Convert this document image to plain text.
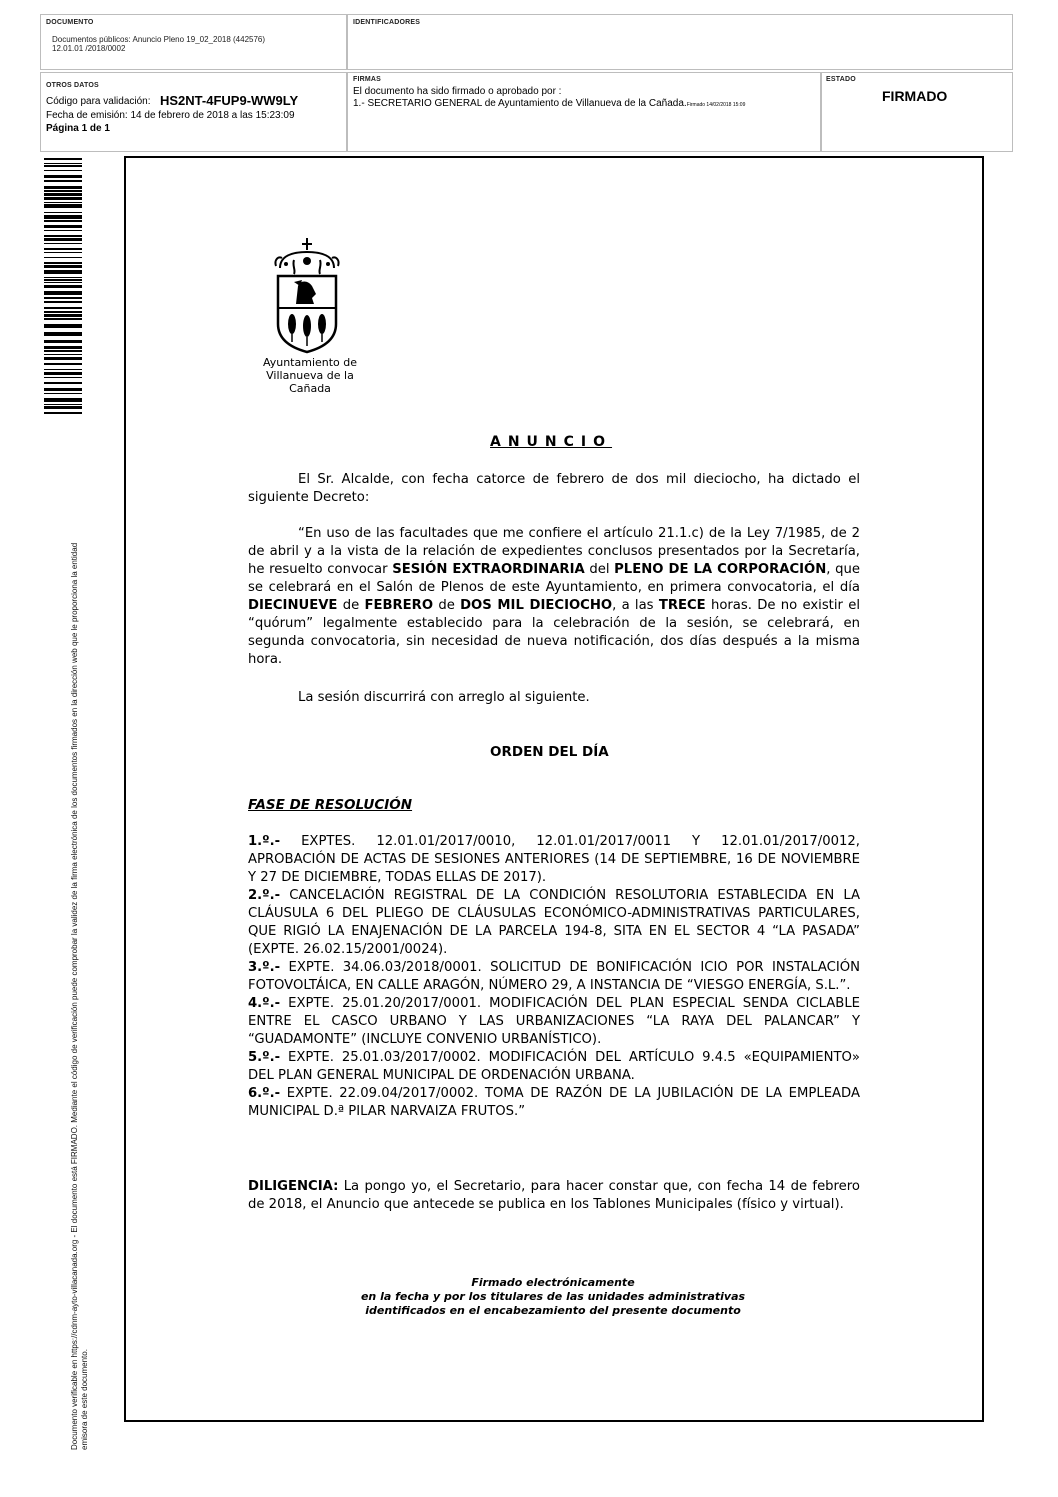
DOCUMENTO
Documentos públicos: Anuncio Pleno 19_02_2018 (442576) 12.01.01 /2018/0002
IDENTIFICADORES
OTROS DATOS
Código para validación: HS2NT-4FUP9-WW9LY
Fecha de emisión: 14 de febrero de 2018 a las 15:23:09
Página 1 de 1
FIRMAS
El documento ha sido firmado o aprobado por :
1.- SECRETARIO GENERAL de Ayuntamiento de Villanueva de la Cañada.Firmado 14/02/2018 15:09
ESTADO
FIRMADO
Documento verificable en https://cdnm-ayto-villacanada.org - El documento está FIRMADO. Mediante el código de verificación puede comprobar la validez de la firma electrónica de los documentos firmados en la dirección web que le proporciona la entidad emisora de este documento.
Ayuntamiento de
Villanueva de la Cañada
ANUNCIO

El Sr. Alcalde, con fecha catorce de febrero de dos mil dieciocho, ha dictado el siguiente Decreto:

“En uso de las facultades que me confiere el artículo 21.1.c) de la Ley 7/1985, de 2 de abril y a la vista de la relación de expedientes conclusos presentados por la Secretaría, he resuelto convocar SESIÓN EXTRAORDINARIA del PLENO DE LA CORPORACIÓN, que se celebrará en el Salón de Plenos de este Ayuntamiento, en primera convocatoria, el día DIECINUEVE de FEBRERO de DOS MIL DIECIOCHO, a las TRECE horas. De no existir el “quórum” legalmente establecido para la celebración de la sesión, se celebrará, en segunda convocatoria, sin necesidad de nueva notificación, dos días después a la misma hora.

La sesión discurrirá con arreglo al siguiente.

ORDEN DEL DÍA
FASE DE RESOLUCIÓN

1.º.- EXPTES. 12.01.01/2017/0010, 12.01.01/2017/0011 Y 12.01.01/2017/0012, APROBACIÓN DE ACTAS DE SESIONES ANTERIORES (14 DE SEPTIEMBRE, 16 DE NOVIEMBRE Y 27 DE DICIEMBRE, TODAS ELLAS DE 2017).

2.º.- CANCELACIÓN REGISTRAL DE LA CONDICIÓN RESOLUTORIA ESTABLECIDA EN LA CLÁUSULA 6 DEL PLIEGO DE CLÁUSULAS ECONÓMICO-ADMINISTRATIVAS PARTICULARES, QUE RIGIÓ LA ENAJENACIÓN DE LA PARCELA 194-8, SITA EN EL SECTOR 4 “LA PASADA” (EXPTE. 26.02.15/2001/0024).

3.º.- EXPTE. 34.06.03/2018/0001. SOLICITUD DE BONIFICACIÓN ICIO POR INSTALACIÓN FOTOVOLTÁICA, EN CALLE ARAGÓN, NÚMERO 29, A INSTANCIA DE “VIESGO ENERGÍA, S.L.”.

4.º.- EXPTE. 25.01.20/2017/0001. MODIFICACIÓN DEL PLAN ESPECIAL SENDA CICLABLE ENTRE EL CASCO URBANO Y LAS URBANIZACIONES “LA RAYA DEL PALANCAR” Y “GUADAMONTE” (INCLUYE CONVENIO URBANÍSTICO).

5.º.- EXPTE. 25.01.03/2017/0002. MODIFICACIÓN DEL ARTÍCULO 9.4.5 «EQUIPAMIENTO» DEL PLAN GENERAL MUNICIPAL DE ORDENACIÓN URBANA.

6.º.- EXPTE. 22.09.04/2017/0002. TOMA DE RAZÓN DE LA JUBILACIÓN DE LA EMPLEADA MUNICIPAL D.ª PILAR NARVAIZA FRUTOS.”

DILIGENCIA: La pongo yo, el Secretario, para hacer constar que, con fecha 14 de febrero de 2018, el Anuncio que antecede se publica en los Tablones Municipales (físico y virtual).

Firmado electrónicamente
en la fecha y por los titulares de las unidades administrativas
identificados en el encabezamiento del presente documento
